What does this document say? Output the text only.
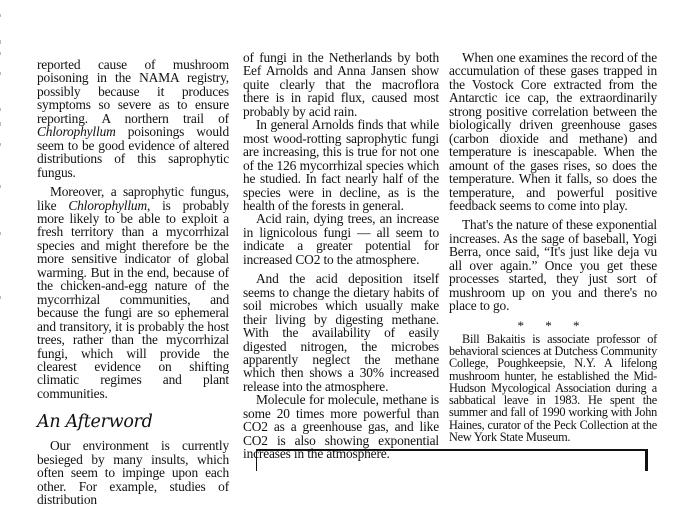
reported cause of mushroom poisoning in the NAMA registry, possibly because it produces symptoms so severe as to ensure reporting. A northern trail of Chlorophyllum poisonings would seem to be good evidence of altered distributions of this saprophytic fungus.

Moreover, a saprophytic fungus, like Chlorophyllum, is probably more likely to be able to exploit a fresh territory than a mycorrhizal species and might therefore be the more sensitive indicator of global warming. But in the end, because of the chicken-and-egg nature of the mycorrhizal communities, and because the fungi are so ephemeral and transitory, it is probably the host trees, rather than the mycorrhizal fungi, which will provide the clearest evidence on shifting climatic regimes and plant communities.

An Afterword

Our environment is currently besieged by many insults, which often seem to impinge upon each other. For example, studies of distribution

of fungi in the Netherlands by both Eef Arnolds and Anna Jansen show quite clearly that the macroflora there is in rapid flux, caused most probably by acid rain.

In general Arnolds finds that while most wood-rotting saprophytic fungi are increasing, this is true for not one of the 126 mycorrhizal species which he studied. In fact nearly half of the species were in decline, as is the health of the forests in general.

Acid rain, dying trees, an increase in lignicolous fungi — all seem to indicate a greater potential for increased CO2 to the atmosphere.

And the acid deposition itself seems to change the dietary habits of soil microbes which usually make their living by digesting methane. With the availability of easily digested nitrogen, the microbes apparently neglect the methane which then shows a 30% increased release into the atmosphere.

Molecule for molecule, methane is some 20 times more powerful than CO2 as a greenhouse gas, and like CO2 is also showing exponential increases in the atmosphere.

When one examines the record of the accumulation of these gases trapped in the Vostock Core extracted from the Antarctic ice cap, the extraordinarily strong positive correlation between the biologically driven greenhouse gases (carbon dioxide and methane) and temperature is inescapable. When the amount of the gases rises, so does the temperature. When it falls, so does the temperature, and powerful positive feedback seems to come into play.

That's the nature of these exponential increases. As the sage of baseball, Yogi Berra, once said, “It's just like deja vu all over again.” Once you get these processes started, they just sort of mushroom up on you and there's no place to go.

* * *

Bill Bakaitis is associate professor of behavioral sciences at Dutchess Community College, Poughkeepsie, N.Y. A lifelong mushroom hunter, he established the Mid-Hudson Mycological Association during a sabbatical leave in 1983. He spent the summer and fall of 1990 working with John Haines, curator of the Peck Collection at the New York State Museum.
